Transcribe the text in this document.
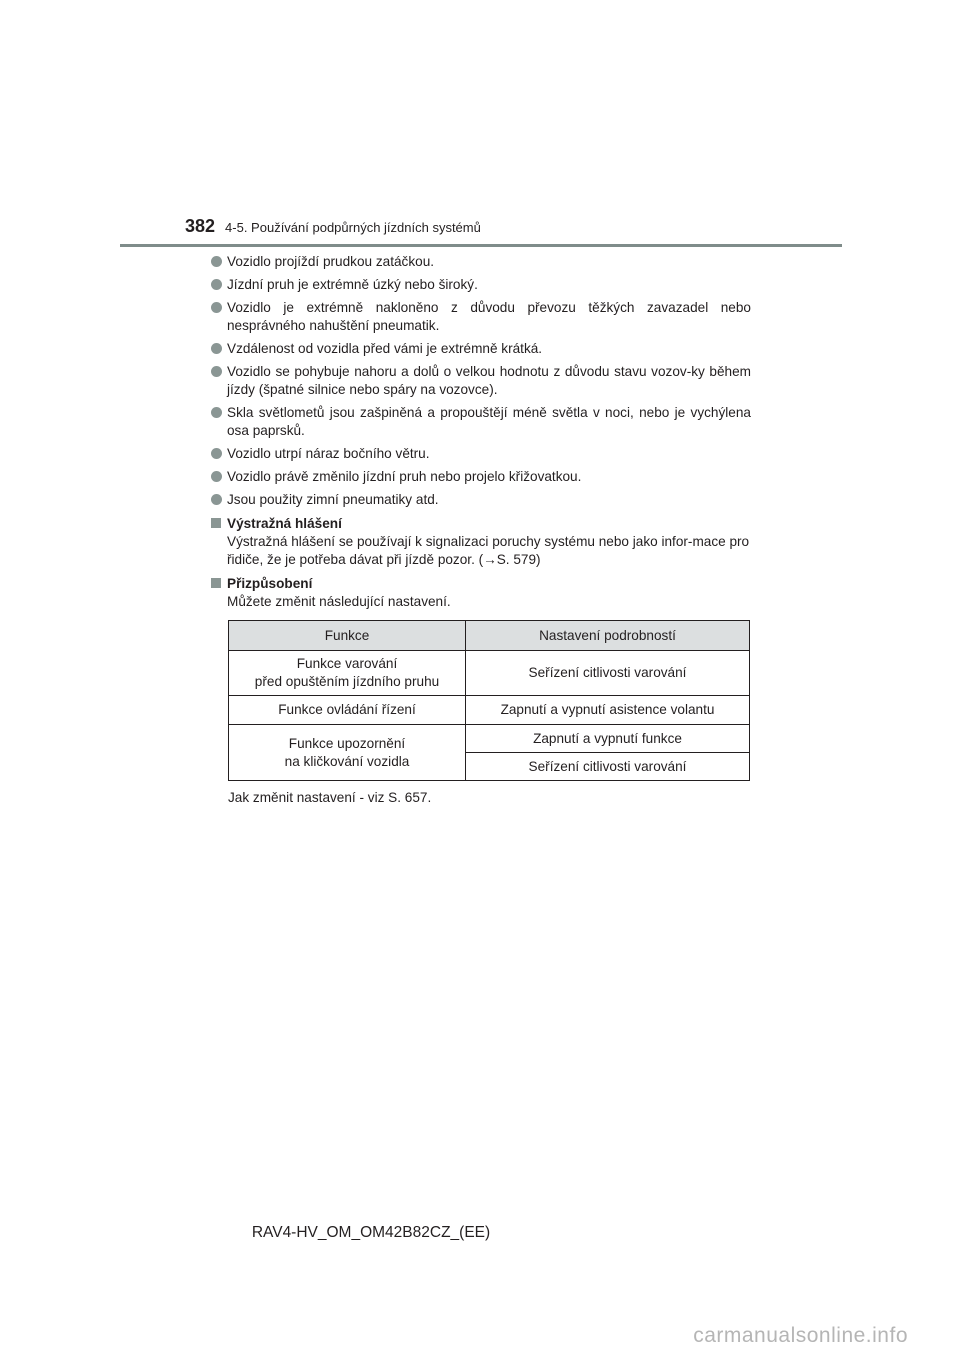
382 4-5. Používání podpůrných jízdních systémů
Vozidlo projíždí prudkou zatáčkou.
Jízdní pruh je extrémně úzký nebo široký.
Vozidlo je extrémně nakloněno z důvodu převozu těžkých zavazadel nebo nesprávného nahuštění pneumatik.
Vzdálenost od vozidla před vámi je extrémně krátká.
Vozidlo se pohybuje nahoru a dolů o velkou hodnotu z důvodu stavu vozov-ky během jízdy (špatné silnice nebo spáry na vozovce).
Skla světlometů jsou zašpiněná a propouštějí méně světla v noci, nebo je vychýlena osa paprsků.
Vozidlo utrpí náraz bočního větru.
Vozidlo právě změnilo jízdní pruh nebo projelo křižovatkou.
Jsou použity zimní pneumatiky atd.
Výstražná hlášení
Výstražná hlášení se používají k signalizaci poruchy systému nebo jako infor-mace pro řidiče, že je potřeba dávat při jízdě pozor. (→S. 579)
Přizpůsobení
Můžete změnit následující nastavení.
Funkce	Nastavení podrobností

Funkce varování
před opuštěním jízdního pruhu	Seřízení citlivosti varování
Funkce ovládání řízení	Zapnutí a vypnutí asistence volantu

Funkce upozornění
na kličkování vozidla	Zapnutí a vypnutí funkce
	Seřízení citlivosti varování
Jak změnit nastavení - viz S. 657.
RAV4-HV_OM_OM42B82CZ_(EE)
carmanualsonline.info
